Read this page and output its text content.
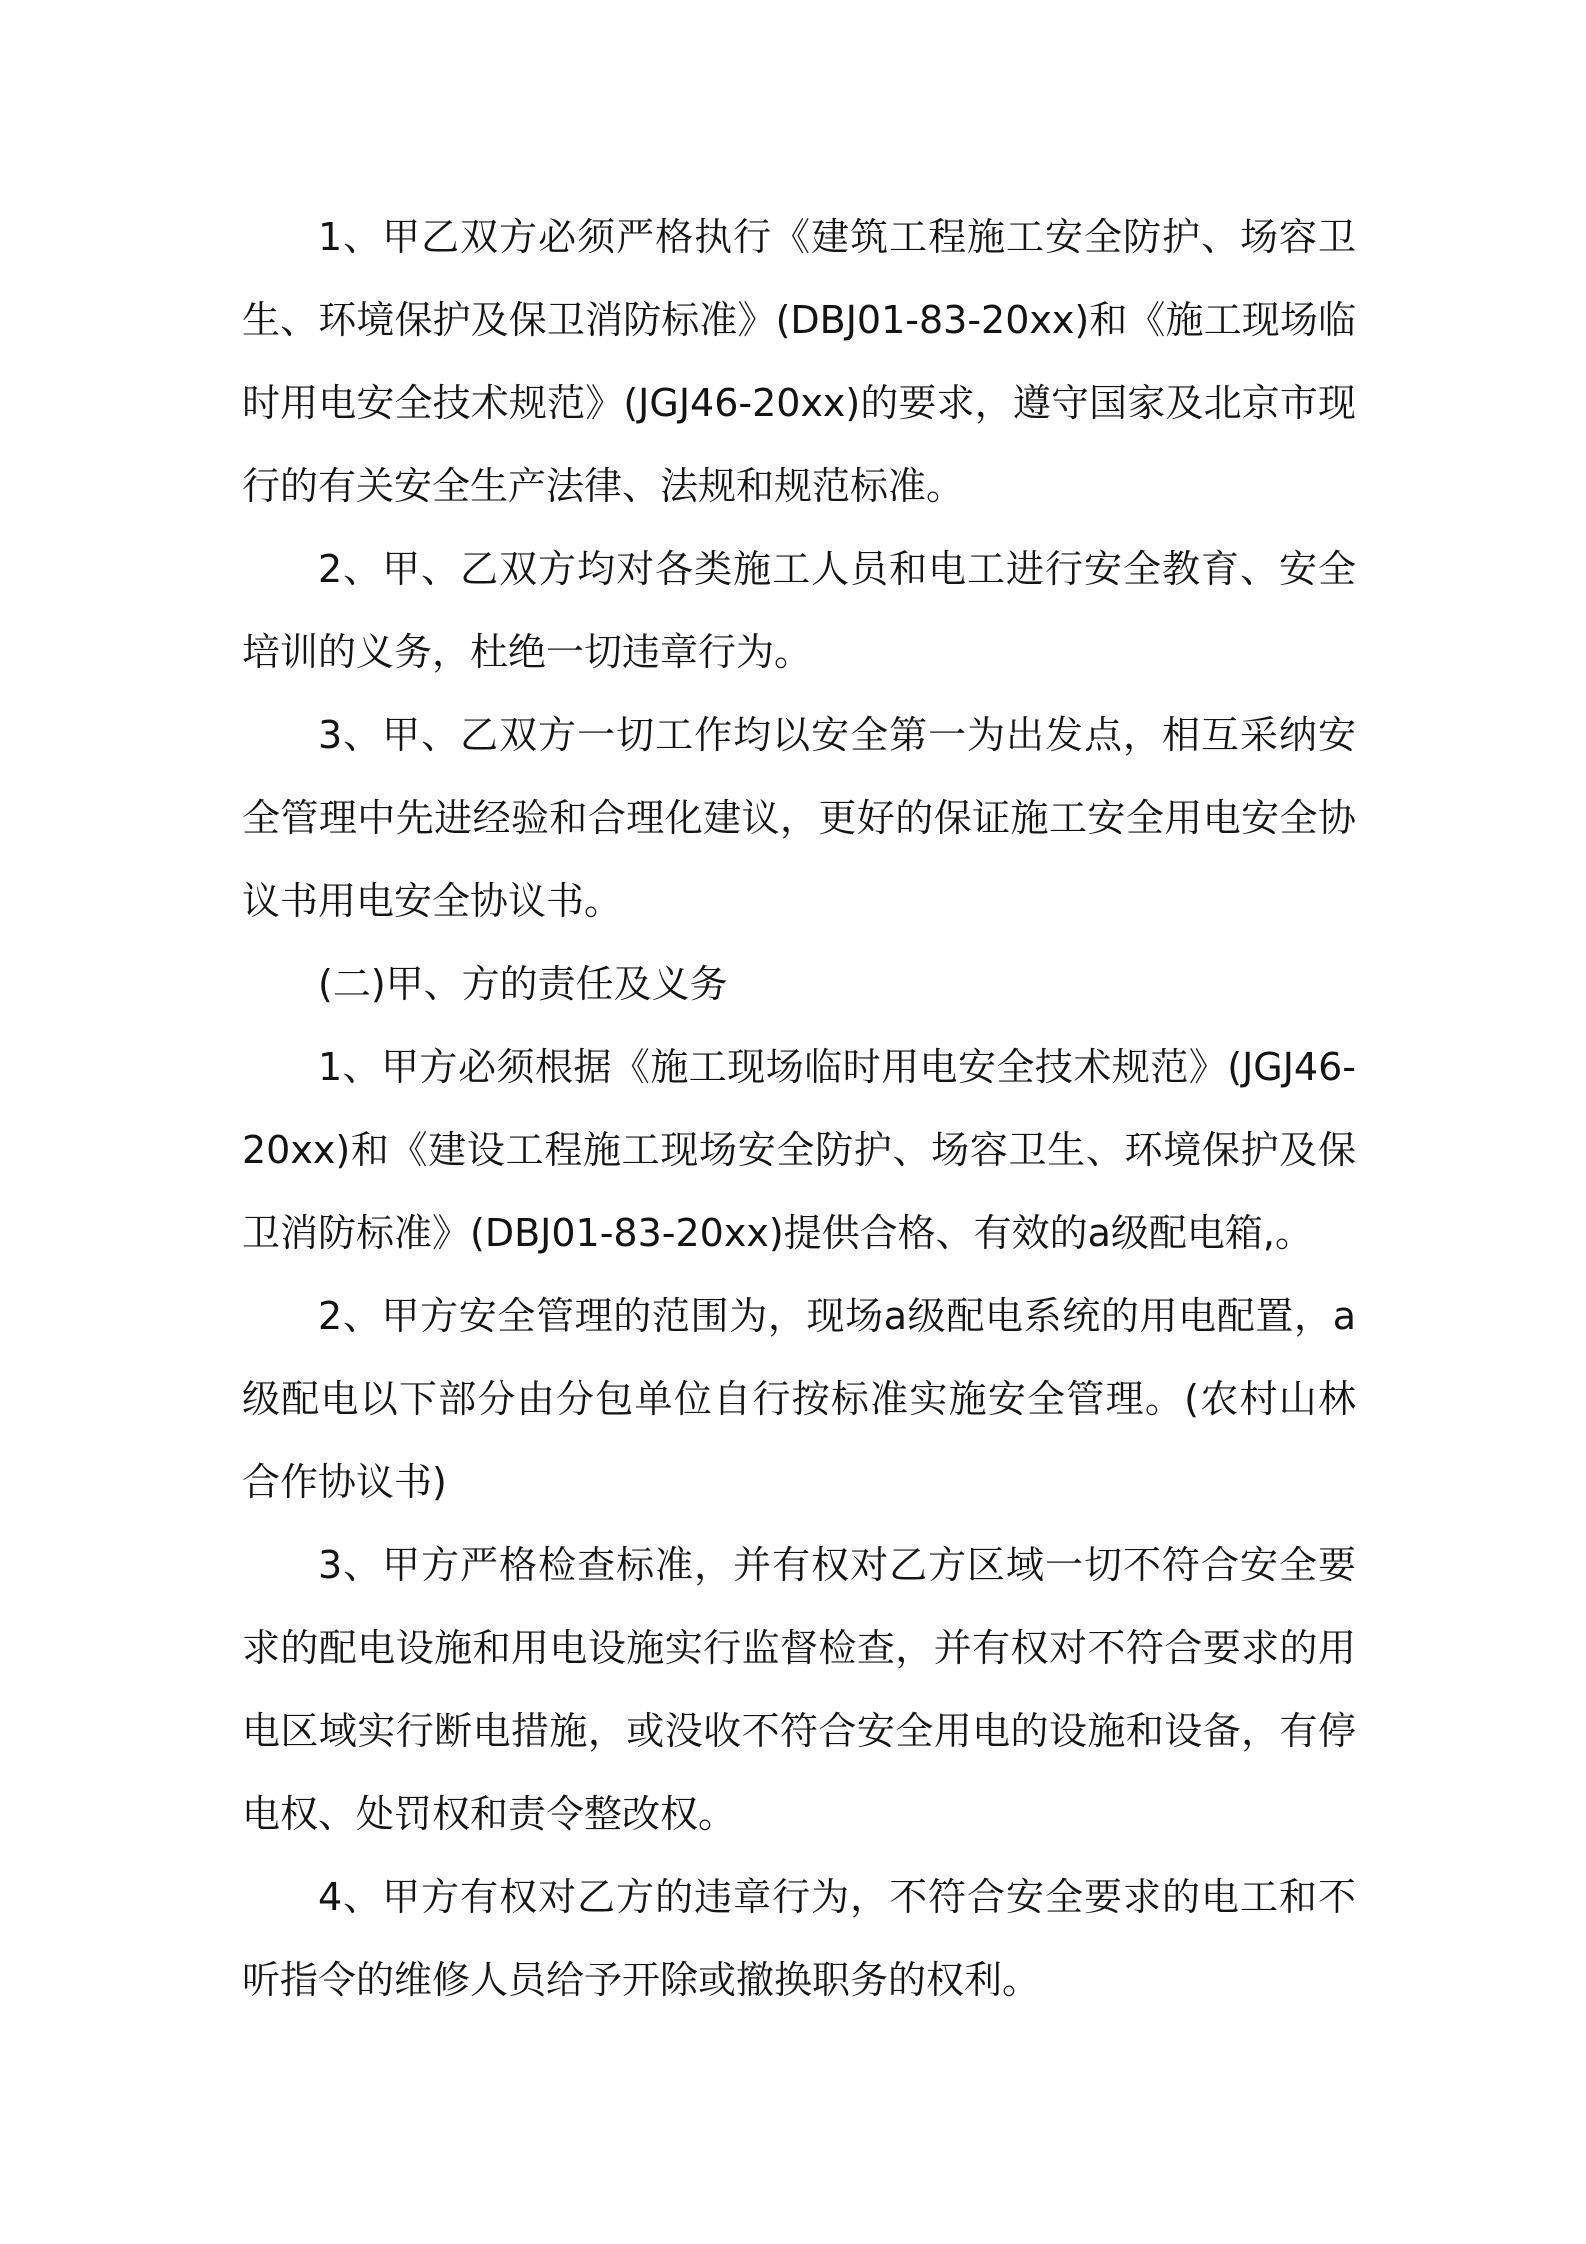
1、甲乙双方必须严格执行《建筑工程施工安全防护、场容卫生、环境保护及保卫消防标准》(DBJ01-83-20xx)和《施工现场临时用电安全技术规范》(JGJ46-20xx)的要求，遵守国家及北京市现行的有关安全生产法律、法规和规范标准。

2、甲、乙双方均对各类施工人员和电工进行安全教育、安全培训的义务，杜绝一切违章行为。

3、甲、乙双方一切工作均以安全第一为出发点，相互采纳安全管理中先进经验和合理化建议，更好的保证施工安全用电安全协议书用电安全协议书。

(二)甲、方的责任及义务

1、甲方必须根据《施工现场临时用电安全技术规范》(JGJ46-20xx)和《建设工程施工现场安全防护、场容卫生、环境保护及保卫消防标准》(DBJ01-83-20xx)提供合格、有效的a级配电箱,。

2、甲方安全管理的范围为，现场a级配电系统的用电配置，a级配电以下部分由分包单位自行按标准实施安全管理。(农村山林合作协议书)

3、甲方严格检查标准，并有权对乙方区域一切不符合安全要求的配电设施和用电设施实行监督检查，并有权对不符合要求的用电区域实行断电措施，或没收不符合安全用电的设施和设备，有停电权、处罚权和责令整改权。

4、甲方有权对乙方的违章行为，不符合安全要求的电工和不听指令的维修人员给予开除或撤换职务的权利。
